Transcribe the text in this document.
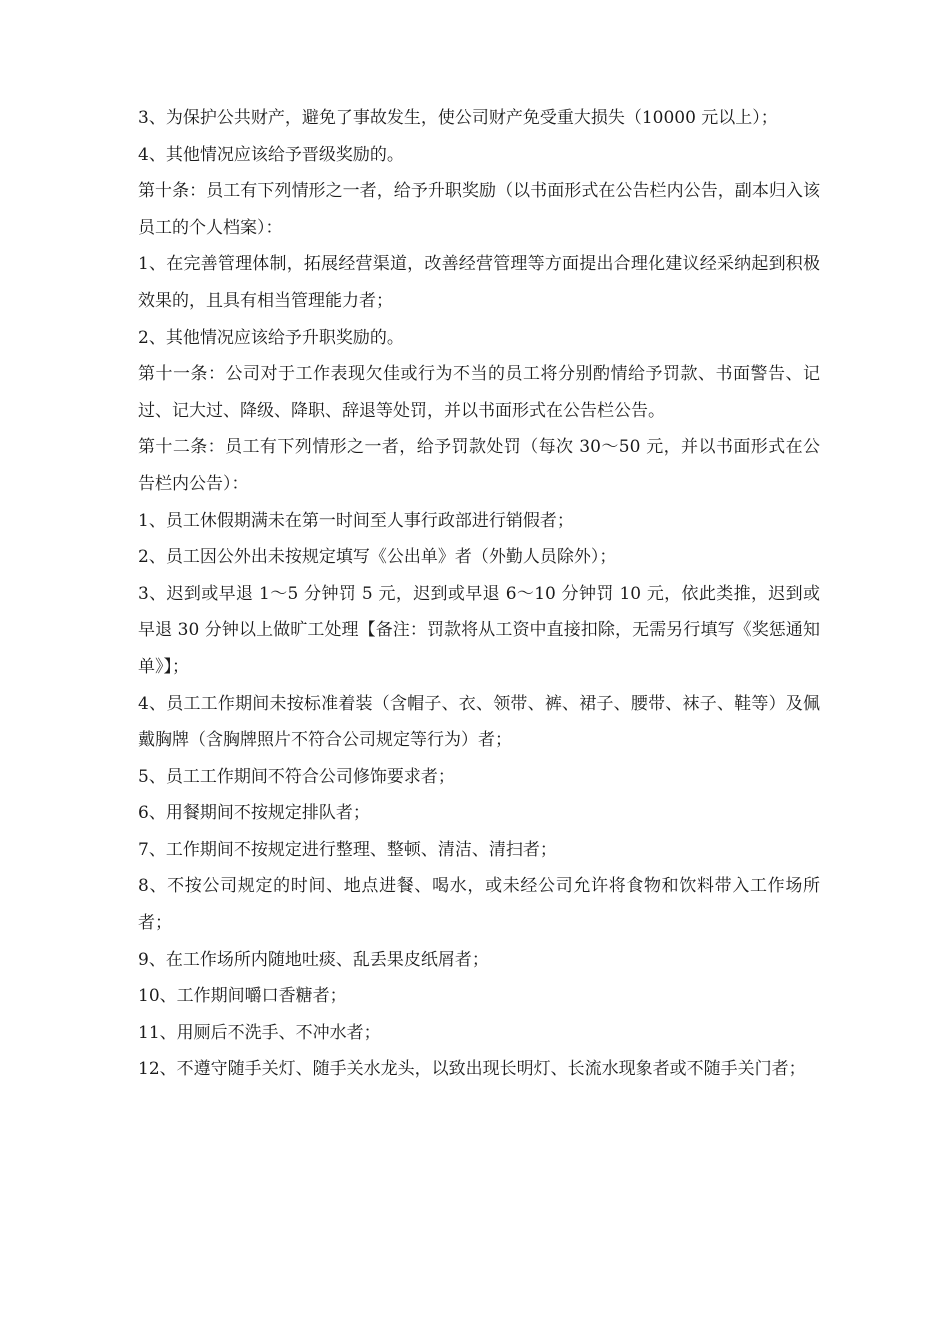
3、为保护公共财产，避免了事故发生，使公司财产免受重大损失（10000 元以上）；

4、其他情况应该给予晋级奖励的。

第十条：员工有下列情形之一者，给予升职奖励（以书面形式在公告栏内公告，副本归入该员工的个人档案）：

1、在完善管理体制，拓展经营渠道，改善经营管理等方面提出合理化建议经采纳起到积极效果的，且具有相当管理能力者；

2、其他情况应该给予升职奖励的。

第十一条：公司对于工作表现欠佳或行为不当的员工将分别酌情给予罚款、书面警告、记过、记大过、降级、降职、辞退等处罚，并以书面形式在公告栏公告。

第十二条：员工有下列情形之一者，给予罚款处罚（每次 30～50 元，并以书面形式在公告栏内公告）：

1、员工休假期满未在第一时间至人事行政部进行销假者；

2、员工因公外出未按规定填写《公出单》者（外勤人员除外）；

3、迟到或早退 1～5 分钟罚 5 元，迟到或早退 6～10 分钟罚 10 元，依此类推，迟到或早退 30 分钟以上做旷工处理【备注：罚款将从工资中直接扣除，无需另行填写《奖惩通知单》】；

4、员工工作期间未按标准着装（含帽子、衣、领带、裤、裙子、腰带、袜子、鞋等）及佩戴胸牌（含胸牌照片不符合公司规定等行为）者；

5、员工工作期间不符合公司修饰要求者；

6、用餐期间不按规定排队者；

7、工作期间不按规定进行整理、整顿、清洁、清扫者；

8、不按公司规定的时间、地点进餐、喝水，或未经公司允许将食物和饮料带入工作场所者；

9、在工作场所内随地吐痰、乱丢果皮纸屑者；

10、工作期间嚼口香糖者；

11、用厕后不洗手、不冲水者；

12、不遵守随手关灯、随手关水龙头，以致出现长明灯、长流水现象者或不随手关门者；
